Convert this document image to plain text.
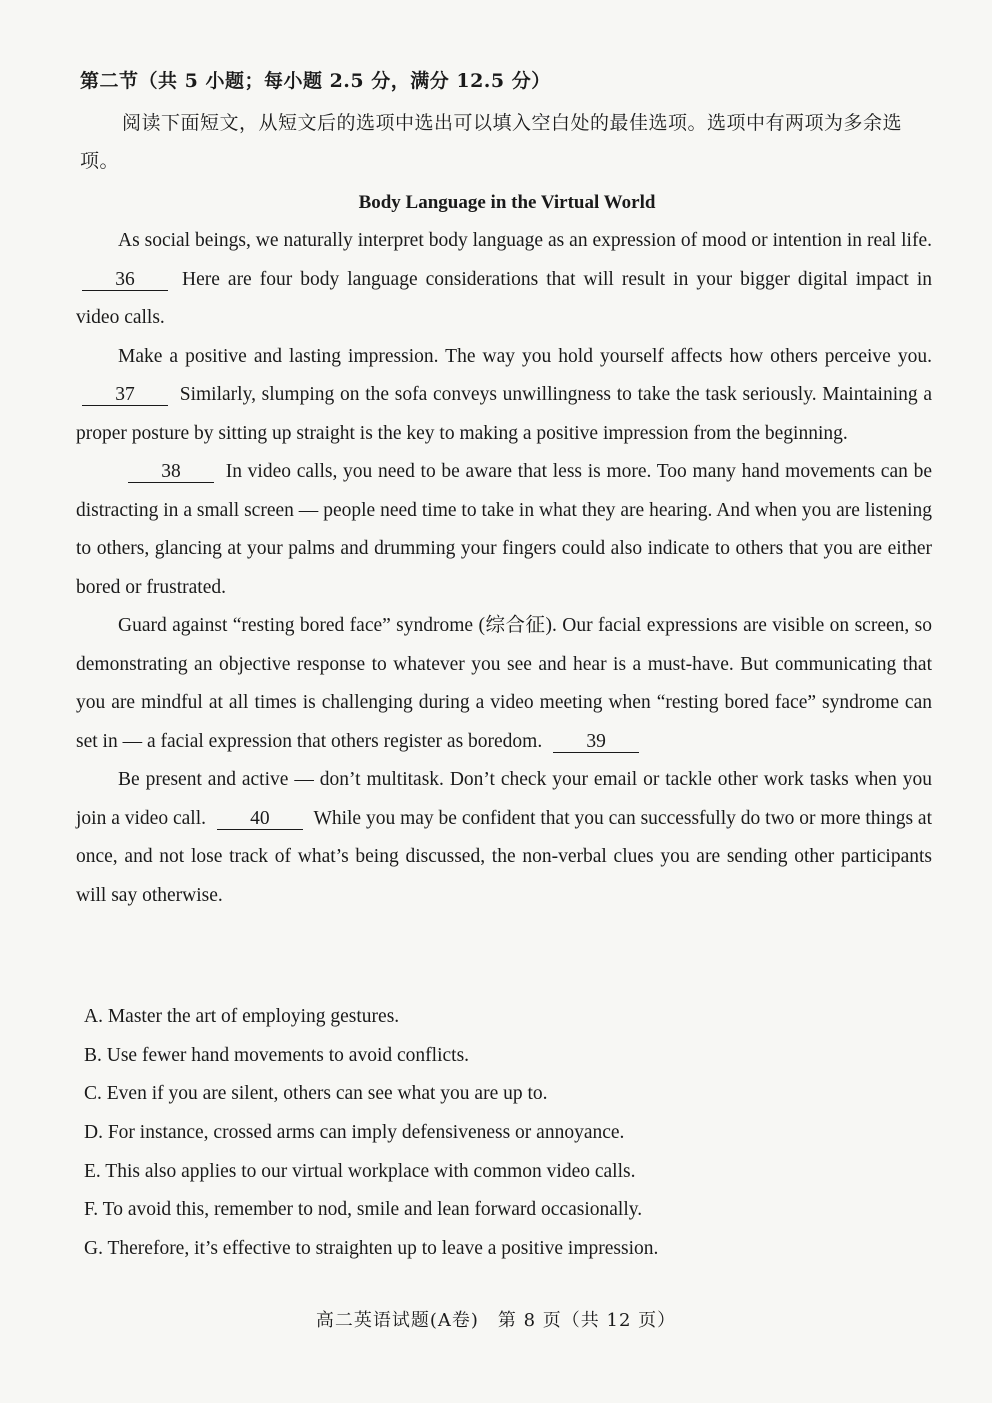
第二节（共 5 小题；每小题 2.5 分，满分 12.5 分）
阅读下面短文，从短文后的选项中选出可以填入空白处的最佳选项。选项中有两项为多余选项。
Body Language in the Virtual World

As social beings, we naturally interpret body language as an expression of mood or intention in real life. 36 Here are four body language considerations that will result in your bigger digital impact in video calls.

Make a positive and lasting impression. The way you hold yourself affects how others perceive you. 37 Similarly, slumping on the sofa conveys unwillingness to take the task seriously. Maintaining a proper posture by sitting up straight is the key to making a positive impression from the beginning.

38 In video calls, you need to be aware that less is more. Too many hand movements can be distracting in a small screen — people need time to take in what they are hearing. And when you are listening to others, glancing at your palms and drumming your fingers could also indicate to others that you are either bored or frustrated.

Guard against “resting bored face” syndrome (综合征). Our facial expressions are visible on screen, so demonstrating an objective response to whatever you see and hear is a must-have. But communicating that you are mindful at all times is challenging during a video meeting when “resting bored face” syndrome can set in — a facial expression that others register as boredom. 39

Be present and active — don’t multitask. Don’t check your email or tackle other work tasks when you join a video call. 40 While you may be confident that you can successfully do two or more things at once, and not lose track of what’s being discussed, the non-verbal clues you are sending other participants will say otherwise.

A. Master the art of employing gestures.
B. Use fewer hand movements to avoid conflicts.
C. Even if you are silent, others can see what you are up to.
D. For instance, crossed arms can imply defensiveness or annoyance.
E. This also applies to our virtual workplace with common video calls.
F. To avoid this, remember to nod, smile and lean forward occasionally.
G. Therefore, it’s effective to straighten up to leave a positive impression.
高二英语试题(A卷)　第 8 页（共 12 页）
